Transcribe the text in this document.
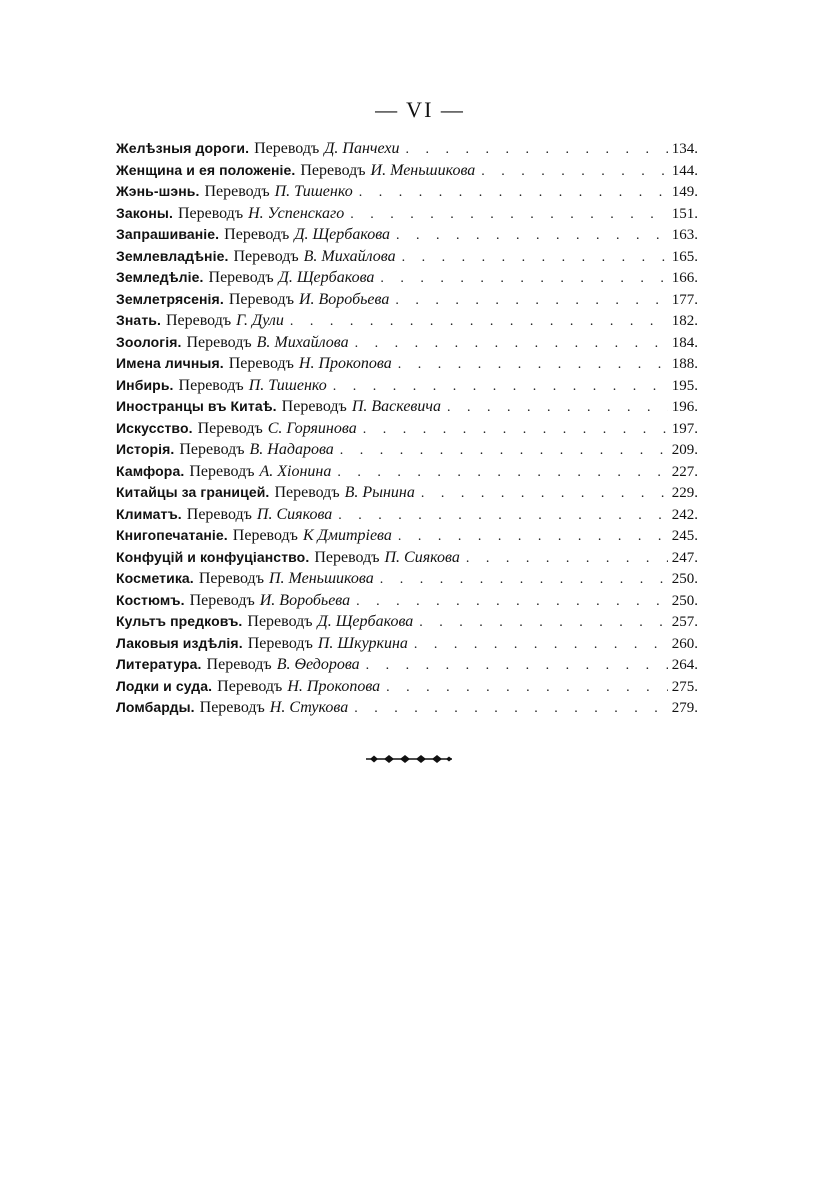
— VI —
Желѣзныя дороги. Переводъ Д. Панчехи . . .	134.
Женщина и ея положеніе. Переводъ И. Меньшикова . . .	144.
Жэнь-шэнь. Переводъ П. Тишенко . . .	149.
Законы. Переводъ Н. Успенскаго . . .	151.
Запрашиваніе. Переводъ Д. Щербакова . . .	163.
Землевладѣніе. Переводъ В. Михайлова . . .	165.
Земледѣліе. Переводъ Д. Щербакова . . .	166.
Землетрясенія. Переводъ И. Воробьева . . .	177.
Знать. Переводъ Г. Дули . . .	182.
Зоологія. Переводъ В. Михайлова . . .	184.
Имена личныя. Переводъ Н. Прокопова . . .	188.
Инбирь. Переводъ П. Тишенко . . .	195.
Иностранцы въ Китаѣ. Переводъ П. Васкевича . . .	196.
Искусство. Переводъ С. Горяинова . . .	197.
Исторія. Переводъ В. Надарова . . .	209.
Камфора. Переводъ А. Хіонина . . .	227.
Китайцы за границей. Переводъ В. Рынина . . .	229.
Климатъ. Переводъ П. Сиякова . . .	242.
Книгопечатаніе. Переводъ К Дмитріева . . .	245.
Конфуцій и конфуціанство. Переводъ П. Сиякова . . .	247.
Косметика. Переводъ П. Меньшикова . . .	250.
Костюмъ. Переводъ И. Воробьева . . .	250.
Культъ предковъ. Переводъ Д. Щербакова . . .	257.
Лаковыя издѣлія. Переводъ П. Шкуркина . . .	260.
Литература. Переводъ В. Ѳедорова . . .	264.
Лодки и суда. Переводъ Н. Прокопова . . .	275.
Ломбарды. Переводъ Н. Стукова . . .	279.
